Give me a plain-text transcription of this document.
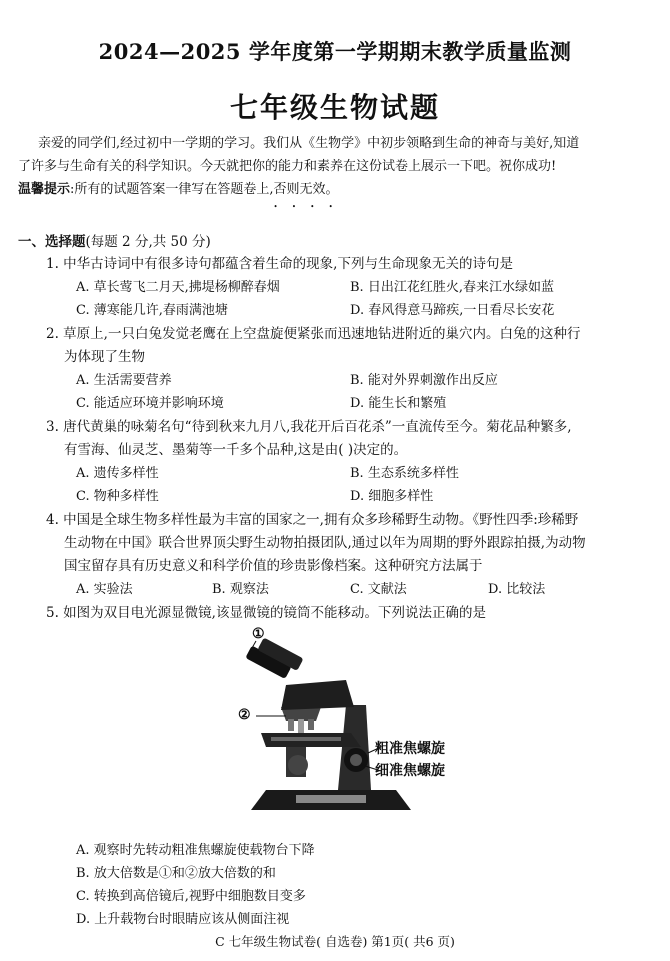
2024—2025 学年度第一学期期末教学质量监测
七年级生物试题
亲爱的同学们,经过初中一学期的学习。我们从《生物学》中初步领略到生命的神奇与美好,知道
了许多与生命有关的科学知识。今天就把你的能力和素养在这份试卷上展示一下吧。祝你成功!
温馨提示:所有的试题答案一律写在答题卷上,否则无效 • • • •。
一、选择题(每题 2 分,共 50 分)
1. 中华古诗词中有很多诗句都蕴含着生命的现象,下列与生命现象无关的诗句是
A. 草长莺飞二月天,拂堤杨柳醉春烟	B. 日出江花红胜火,春来江水绿如蓝
C. 薄寒能几许,春雨满池塘	D. 春风得意马蹄疾,一日看尽长安花
2. 草原上,一只白兔发觉老鹰在上空盘旋便紧张而迅速地钻进附近的巢穴内。白兔的这种行
为体现了生物
A. 生活需要营养	B. 能对外界刺激作出反应
C. 能适应环境并影响环境	D. 能生长和繁殖
3. 唐代黄巢的咏菊名句“待到秋来九月八,我花开后百花杀”一直流传至今。菊花品种繁多,
有雪海、仙灵芝、墨菊等一千多个品种,这是由( )决定的。
A. 遗传多样性	B. 生态系统多样性
C. 物种多样性	D. 细胞多样性
4. 中国是全球生物多样性最为丰富的国家之一,拥有众多珍稀野生动物。《野性四季:珍稀野
生动物在中国》联合世界顶尖野生动物拍摄团队,通过以年为周期的野外跟踪拍摄,为动物
国宝留存具有历史意义和科学价值的珍贵影像档案。这种研究方法属于
A. 实验法	B. 观察法	C. 文献法	D. 比较法
5. 如图为双目电光源显微镜,该显微镜的镜筒不能移动。下列说法正确的是
①
②
粗准焦螺旋
细准焦螺旋
A. 观察时先转动粗准焦螺旋使载物台下降
B. 放大倍数是①和②放大倍数的和
C. 转换到高倍镜后,视野中细胞数目变多
D. 上升载物台时眼睛应该从侧面注视
C 七年级生物试卷( 自选卷) 第1页( 共6 页)
